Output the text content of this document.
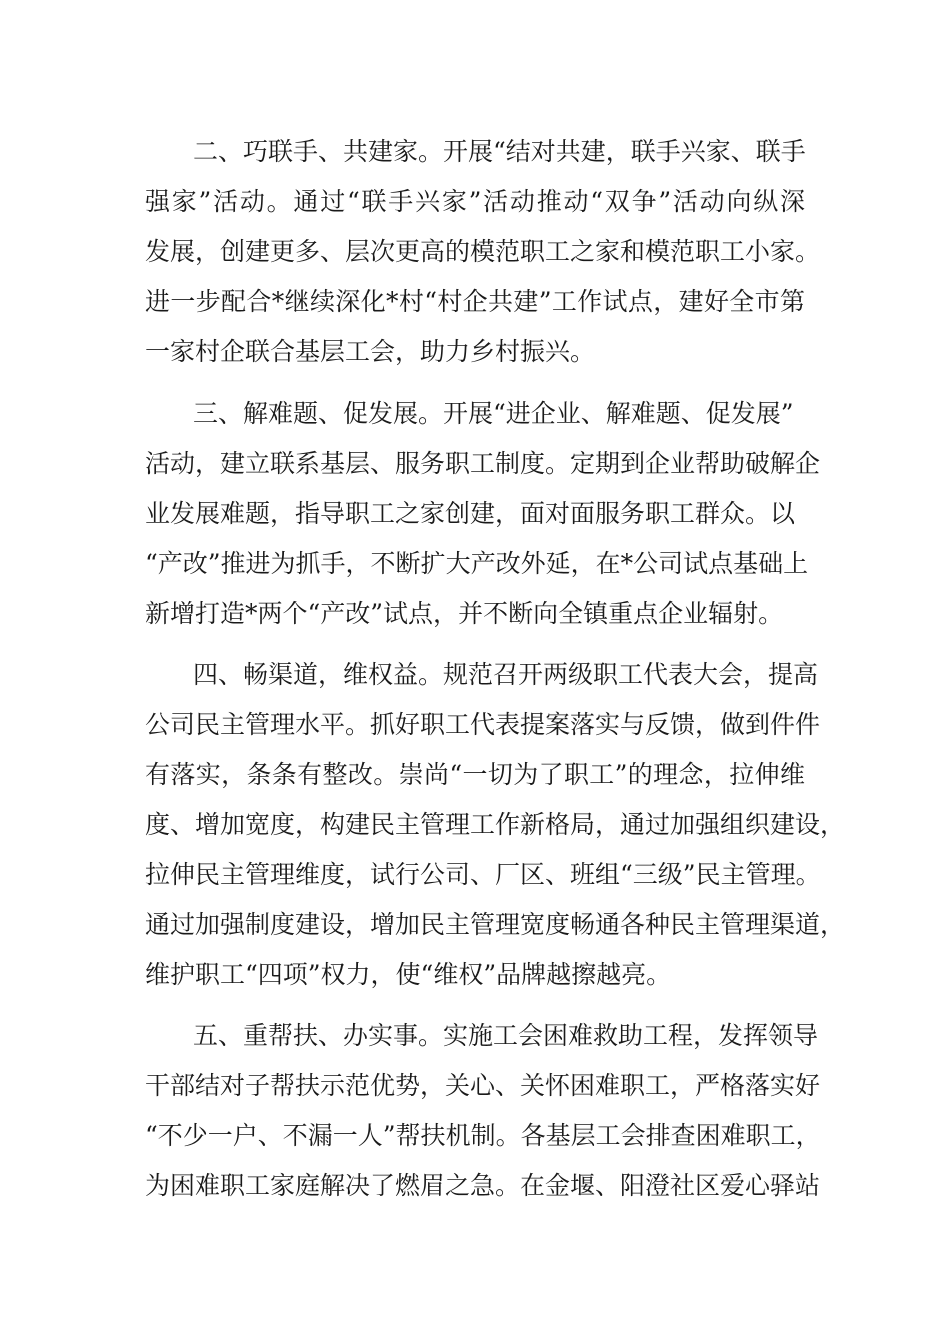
二、巧联手、共建家。开展“结对共建，联手兴家、联手
强家”活动。通过“联手兴家”活动推动“双争”活动向纵深
发展，创建更多、层次更高的模范职工之家和模范职工小家。
进一步配合*继续深化*村“村企共建”工作试点，建好全市第
一家村企联合基层工会，助力乡村振兴。
三、解难题、促发展。开展“进企业、解难题、促发展”
活动，建立联系基层、服务职工制度。定期到企业帮助破解企
业发展难题，指导职工之家创建，面对面服务职工群众。以
“产改”推进为抓手，不断扩大产改外延，在*公司试点基础上
新增打造*两个“产改”试点，并不断向全镇重点企业辐射。
四、畅渠道，维权益。规范召开两级职工代表大会，提高
公司民主管理水平。抓好职工代表提案落实与反馈，做到件件
有落实，条条有整改。崇尚“一切为了职工”的理念，拉伸维
度、增加宽度，构建民主管理工作新格局，通过加强组织建设，
拉伸民主管理维度，试行公司、厂区、班组“三级”民主管理。
通过加强制度建设，增加民主管理宽度畅通各种民主管理渠道，
维护职工“四项”权力，使“维权”品牌越擦越亮。
五、重帮扶、办实事。实施工会困难救助工程，发挥领导
干部结对子帮扶示范优势，关心、关怀困难职工，严格落实好
“不少一户、不漏一人”帮扶机制。各基层工会排查困难职工，
为困难职工家庭解决了燃眉之急。在金堰、阳澄社区爱心驿站
